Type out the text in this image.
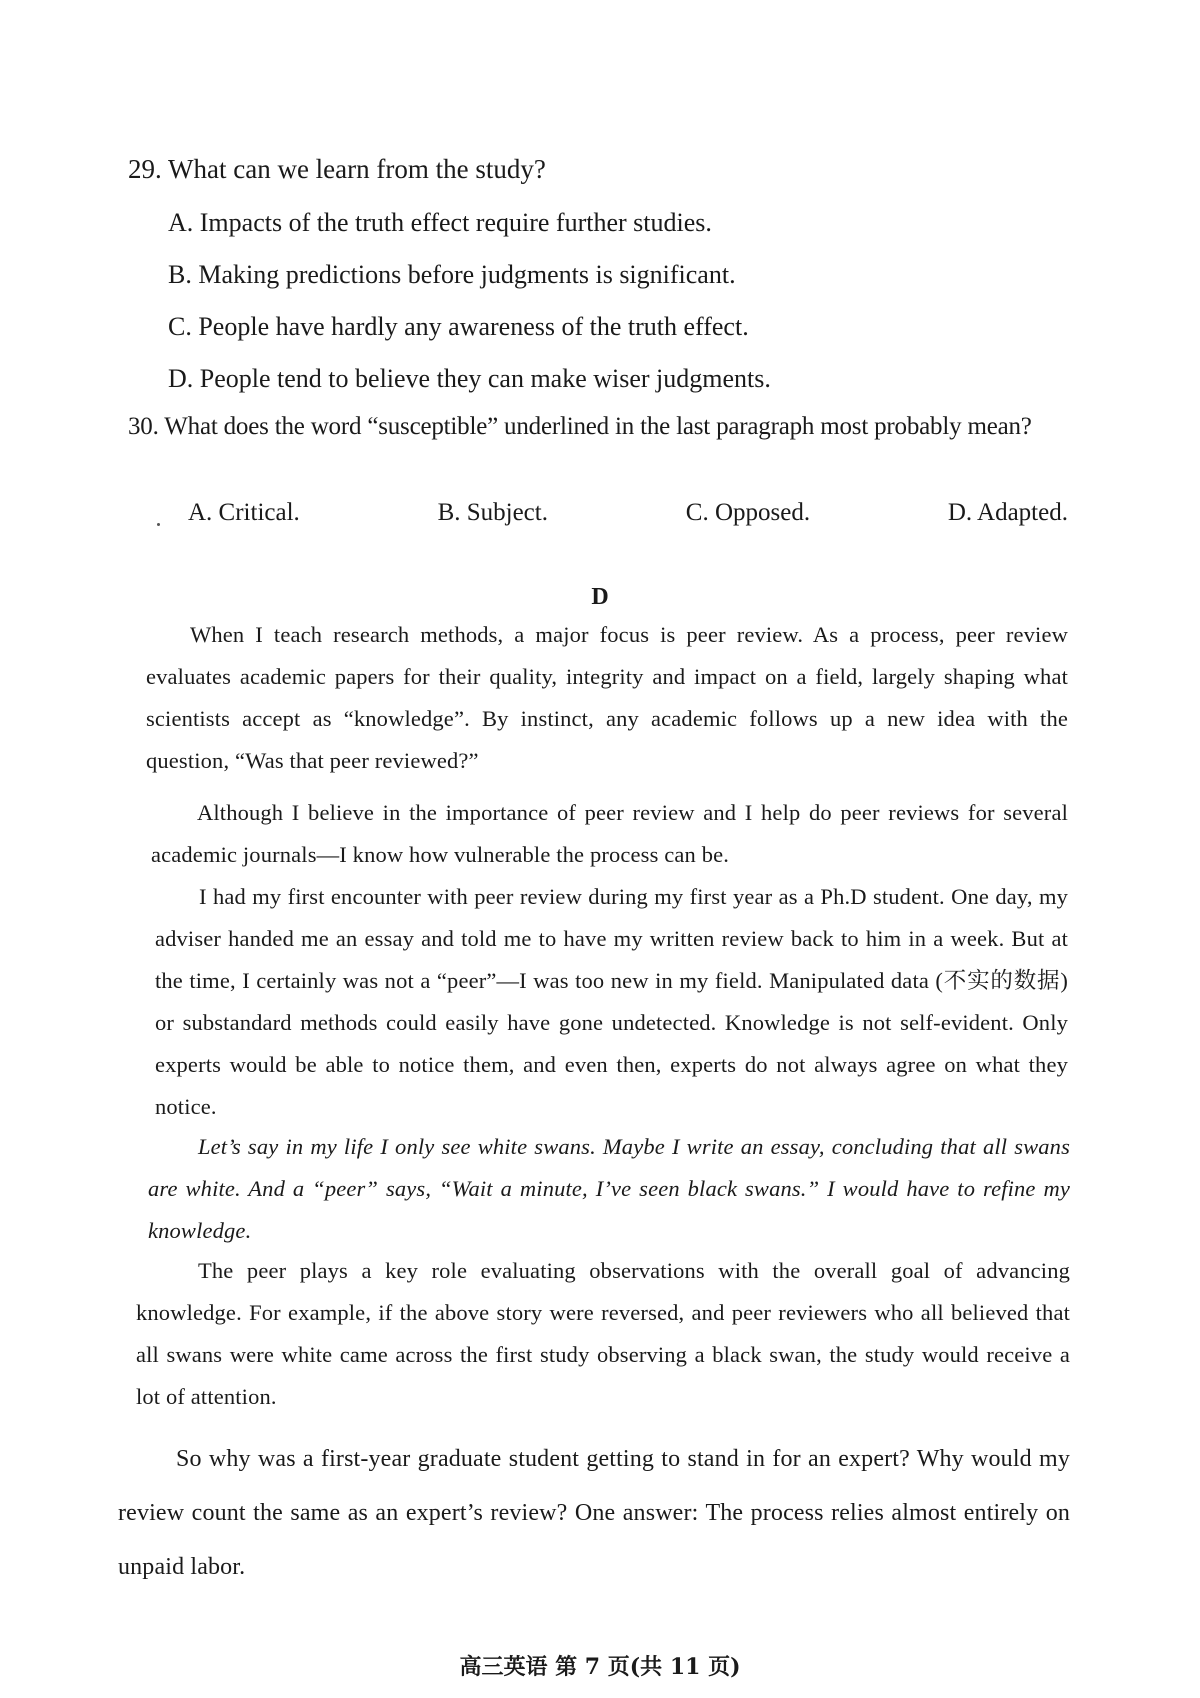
29. What can we learn from the study?
A. Impacts of the truth effect require further studies.
B. Making predictions before judgments is significant.
C. People have hardly any awareness of the truth effect.
D. People tend to believe they can make wiser judgments.
30. What does the word “susceptible” underlined in the last paragraph most probably mean?
A. Critical.	B. Subject.	C. Opposed.	D. Adapted.
D
When I teach research methods, a major focus is peer review. As a process, peer review evaluates academic papers for their quality, integrity and impact on a field, largely shaping what scientists accept as “knowledge”. By instinct, any academic follows up a new idea with the question, “Was that peer reviewed?”
Although I believe in the importance of peer review and I help do peer reviews for several academic journals—I know how vulnerable the process can be.
I had my first encounter with peer review during my first year as a Ph.D student. One day, my adviser handed me an essay and told me to have my written review back to him in a week. But at the time, I certainly was not a “peer”—I was too new in my field. Manipulated data (不实的数据) or substandard methods could easily have gone undetected. Knowledge is not self-evident. Only experts would be able to notice them, and even then, experts do not always agree on what they notice.
Let’s say in my life I only see white swans. Maybe I write an essay, concluding that all swans are white. And a “peer” says, “Wait a minute, I’ve seen black swans.” I would have to refine my knowledge.
The peer plays a key role evaluating observations with the overall goal of advancing knowledge. For example, if the above story were reversed, and peer reviewers who all believed that all swans were white came across the first study observing a black swan, the study would receive a lot of attention.
So why was a first-year graduate student getting to stand in for an expert? Why would my review count the same as an expert’s review? One answer: The process relies almost entirely on unpaid labor.
高三英语 第 7 页(共 11 页)
